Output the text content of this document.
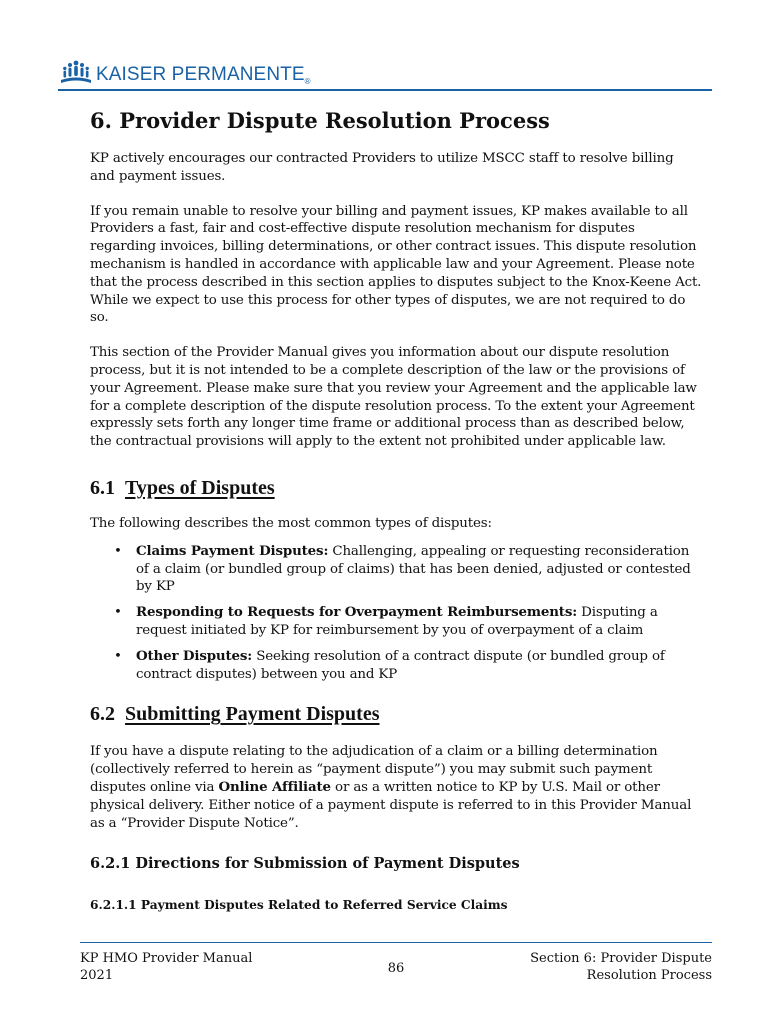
KAISER PERMANENTE ®
6. Provider Dispute Resolution Process

KP actively encourages our contracted Providers to utilize MSCC staff to resolve billing and payment issues.

If you remain unable to resolve your billing and payment issues, KP makes available to all Providers a fast, fair and cost-effective dispute resolution mechanism for disputes regarding invoices, billing determinations, or other contract issues. This dispute resolution mechanism is handled in accordance with applicable law and your Agreement. Please note that the process described in this section applies to disputes subject to the Knox-Keene Act. While we expect to use this process for other types of disputes, we are not required to do so.

This section of the Provider Manual gives you information about our dispute resolution process, but it is not intended to be a complete description of the law or the provisions of your Agreement. Please make sure that you review your Agreement and the applicable law for a complete description of the dispute resolution process. To the extent your Agreement expressly sets forth any longer time frame or additional process than as described below, the contractual provisions will apply to the extent not prohibited under applicable law.

6.1 Types of Disputes

The following describes the most common types of disputes:

• Claims Payment Disputes: Challenging, appealing or requesting reconsideration of a claim (or bundled group of claims) that has been denied, adjusted or contested by KP
• Responding to Requests for Overpayment Reimbursements: Disputing a request initiated by KP for reimbursement by you of overpayment of a claim
• Other Disputes: Seeking resolution of a contract dispute (or bundled group of contract disputes) between you and KP
6.2 Submitting Payment Disputes

If you have a dispute relating to the adjudication of a claim or a billing determination (collectively referred to herein as “payment dispute”) you may submit such payment disputes online via Online Affiliate or as a written notice to KP by U.S. Mail or other physical delivery. Either notice of a payment dispute is referred to in this Provider Manual as a “Provider Dispute Notice”.

6.2.1 Directions for Submission of Payment Disputes
6.2.1.1 Payment Disputes Related to Referred Service Claims
KP HMO Provider Manual
2021	86
Section 6: Provider Dispute
Resolution Process
